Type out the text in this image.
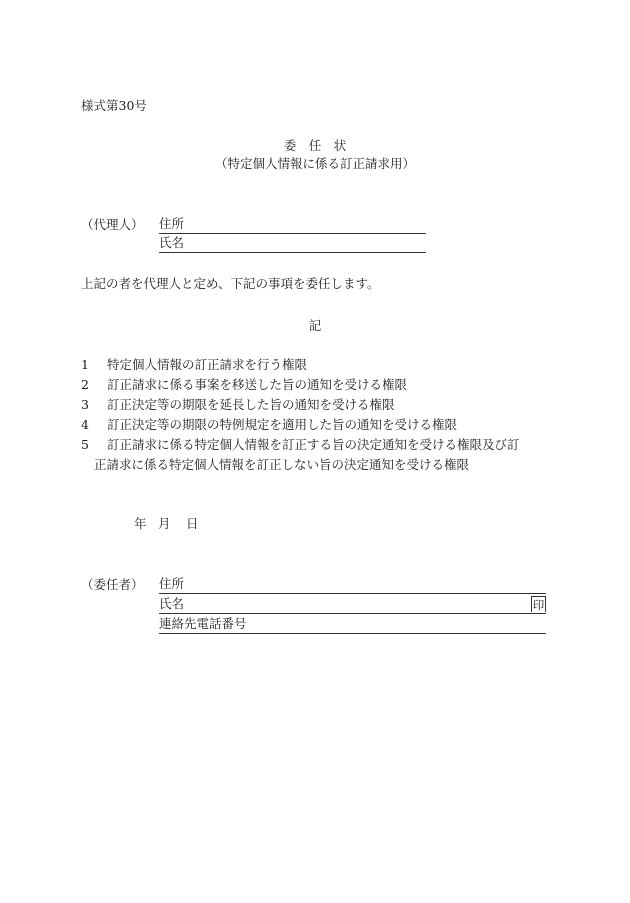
様式第30号
委　任　状
（特定個人情報に係る訂正請求用）
（代理人） 住所
氏名
上記の者を代理人と定め、下記の事項を委任します。
記
1 特定個人情報の訂正請求を行う権限
2 訂正請求に係る事案を移送した旨の通知を受ける権限
3 訂正決定等の期限を延長した旨の通知を受ける権限
4 訂正決定等の期限の特例規定を適用した旨の通知を受ける権限
5 訂正請求に係る特定個人情報を訂正する旨の決定通知を受ける権限及び訂
正請求に係る特定個人情報を訂正しない旨の決定通知を受ける権限
年 月 日
（委任者） 住所
氏名	印
連絡先電話番号
